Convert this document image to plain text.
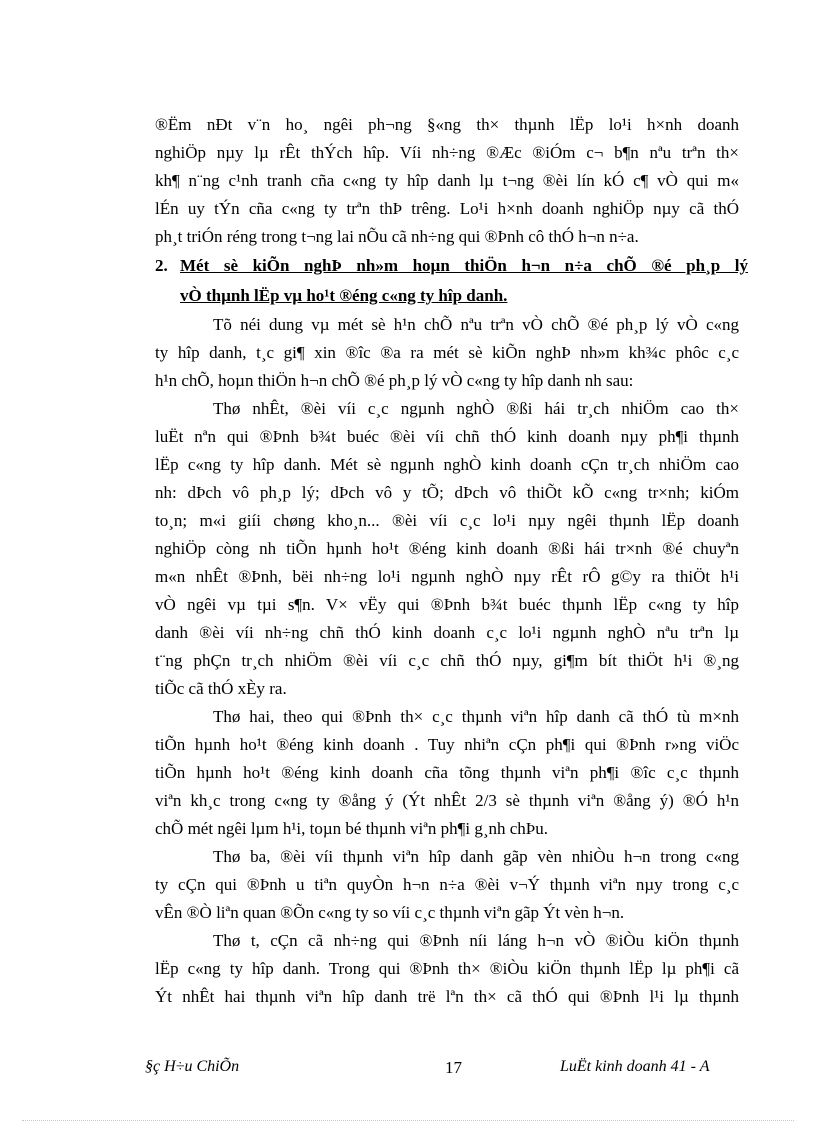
®Ëm nÐt v¨n ho¸ ngêi ph¬ng §«ng th× thµnh lËp lo¹i h×nh doanh
nghiÖp nµy lµ rÊt thÝch hîp. Víi nh÷ng ®Æc ®iÓm c¬ b¶n nªu trªn th×
kh¶ n¨ng c¹nh tranh cña c«ng ty hîp danh lµ t¬ng ®èi lín kÓ c¶ vÒ qui m«
lÉn uy tÝn cña c«ng ty trªn thÞ trêng. Lo¹i h×nh doanh nghiÖp nµy cã thÓ
ph¸t triÓn réng trong t¬ng lai nÕu cã nh÷ng qui ®Þnh cô thÓ h¬n n÷a.
2. Mét sè kiÕn nghÞ nh»m hoµn thiÖn h¬n n÷a chÕ ®é ph¸p lý
vÒ thµnh lËp vµ ho¹t ®éng c«ng ty hîp danh.
Tõ néi dung vµ mét sè h¹n chÕ nªu trªn vÒ chÕ ®é ph¸p lý vÒ c«ng
ty hîp danh, t¸c gi¶ xin ®îc ®a ra mét sè kiÕn nghÞ nh»m kh¾c phôc c¸c
h¹n chÕ, hoµn thiÖn h¬n chÕ ®é ph¸p lý vÒ c«ng ty hîp danh nh sau:
Thø nhÊt, ®èi víi c¸c ngµnh nghÒ ®ßi hái tr¸ch nhiÖm cao th×
luËt nªn qui ®Þnh b¾t buéc ®èi víi chñ thÓ kinh doanh nµy ph¶i thµnh
lËp c«ng ty hîp danh. Mét sè ngµnh nghÒ kinh doanh cÇn tr¸ch nhiÖm cao
nh: dÞch vô ph¸p lý; dÞch vô y tÕ; dÞch vô thiÕt kÕ c«ng tr×nh; kiÓm
to¸n; m«i giíi chøng kho¸n... ®èi víi c¸c lo¹i nµy ngêi thµnh lËp doanh
nghiÖp còng nh tiÕn hµnh ho¹t ®éng kinh doanh ®ßi hái tr×nh ®é chuyªn
m«n nhÊt ®Þnh, bëi nh÷ng lo¹i ngµnh nghÒ nµy rÊt rÔ g©y ra thiÖt h¹i
vÒ ngêi vµ tµi s¶n. V× vËy qui ®Þnh b¾t buéc thµnh lËp c«ng ty hîp
danh ®èi víi nh÷ng chñ thÓ kinh doanh c¸c lo¹i ngµnh nghÒ nªu trªn lµ
t¨ng phÇn tr¸ch nhiÖm ®èi víi c¸c chñ thÓ nµy, gi¶m bít thiÖt h¹i ®¸ng
tiÕc cã thÓ xÈy ra.
Thø hai, theo qui ®Þnh th× c¸c thµnh viªn hîp danh cã thÓ tù m×nh
tiÕn hµnh ho¹t ®éng kinh doanh . Tuy nhiªn cÇn ph¶i qui ®Þnh r»ng viÖc
tiÕn hµnh ho¹t ®éng kinh doanh cña tõng thµnh viªn ph¶i ®îc c¸c thµnh
viªn kh¸c trong c«ng ty ®ång ý (Ýt nhÊt 2/3 sè thµnh viªn ®ång ý) ®Ó h¹n
chÕ mét ngêi lµm h¹i, toµn bé thµnh viªn ph¶i g¸nh chÞu.
Thø ba, ®èi víi thµnh viªn hîp danh gãp vèn nhiÒu h¬n trong c«ng
ty cÇn qui ®Þnh u tiªn quyÒn h¬n n÷a ®èi v¬Ý thµnh viªn nµy trong c¸c
vÊn ®Ò liªn quan ®Õn c«ng ty so víi c¸c thµnh viªn gãp Ýt vèn h¬n.
Thø t, cÇn cã nh÷ng qui ®Þnh níi láng h¬n vÒ ®iÒu kiÖn thµnh
lËp c«ng ty hîp danh. Trong qui ®Þnh th× ®iÒu kiÖn thµnh lËp lµ ph¶i cã
Ýt nhÊt hai thµnh viªn hîp danh trë lªn th× cã thÓ qui ®Þnh l¹i lµ thµnh
§ç H÷u ChiÕn	17	LuËt kinh doanh 41 - A
